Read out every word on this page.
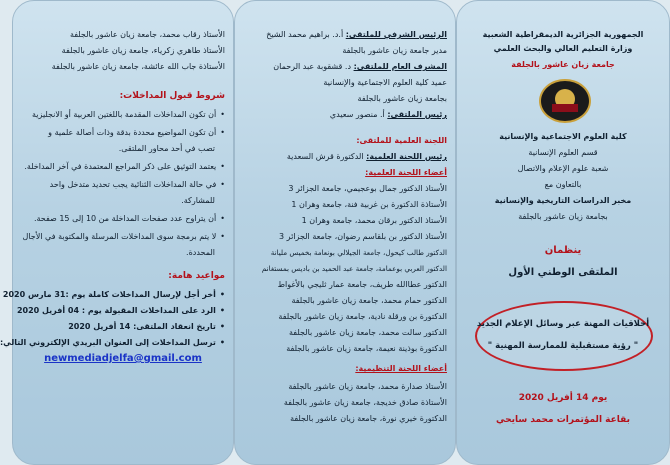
الأستاذ رقاب محمد، جامعة زيان عاشور بالجلفة
الأستاذ طاهري زكرياء، جامعة زيان عاشور بالجلفة
الأستاذة جاب الله عائشة، جامعة زيان عاشور بالجلفة
شروط قبول المداخلات:
• أن تكون المداخلات المقدمة باللغتين العربية أو الانجليزية
• أن تكون المواضيع محددة بدقة وذات أصالة علمية و
تصب في أحد محاور الملتقى.
• يعتمد التوثيق على ذكر المراجع المعتمدة في آخر المداخلة.
• في حالة المداخلات الثنائية يجب تحديد متدخل واحد
للمشاركة.
• أن يتراوح عدد صفحات المداخلة من 10 إلى 15 صفحة.
• لا يتم برمجة سوى المداخلات المرسلة والمكتوبة في الأجال
المحددة.
مواعيد هامة:
• أخر أجل لإرسال المداخلات كاملة يوم :31 مارس 2020
• الرد على المداخلات المقبولة يوم : 04 أفريل 2020
• تاريخ انعقاد الملتقى: 14 أفريل 2020
• ترسل المداخلات إلى العنوان البريدي الإلكتروني التالي:
newmediadjelfa@gmail.com
الرئيس الشرفي للملتقى: أ.د. براهيم محمد الشيخ
مدير جامعة زيان عاشور بالجلفة
المشرف العام للملتقى: د. قشقوبة عبد الرحمان
عميد كلية العلوم الاجتماعية والإنسانية
بجامعة زيان عاشور بالجلفة
رئيس الملتقى: أ. منصور سعيدي
اللجنة العلمية للملتقى:
رئيس اللجنة العلمية: الدكتورة قرش السعدية
أعضاء اللجنة العلمية:
الأستاذ الدكتور جمال بوعجيمي، جامعة الجزائر 3
الأستاذة الدكتورة بن غربية فنة، جامعة وهران 1
الأستاذ الدكتور برقان محمد، جامعة وهران 1
الأستاذ الدكتور بن بلقاسم رضوان، جامعة الجزائر 3
الدكتور طالب كيحول، جامعة الجيلالي بونعامة بخميس مليانة
الدكتور العربي بوعمامة، جامعة عبد الحميد بن باديس بمستغانم
الدكتور عطاالله طريف، جامعة عمار ثليجي بالأغواط
الدكتور حمام محمد، جامعة زيان عاشور بالجلفة
الدكتورة بن ورقلة نادية، جامعة زيان عاشور بالجلفة
الدكتور سالت محمد، جامعة زيان عاشور بالجلفة
الدكتورة بوذينة نعيمة، جامعة زيان عاشور بالجلفة
أعضاء اللجنة التنظيمية:
الأستاذ صدارة محمد، جامعة زيان عاشور بالجلفة
الأستاذة صادق خديجة، جامعة زيان عاشور بالجلفة
الدكتورة خيري نورة، جامعة زيان عاشور بالجلفة
الجمهورية الجزائرية الديمقراطية الشعبية
وزارة التعليم العالي والبحث العلمي
جامعة زيان عاشور بالجلفة
كلية العلوم الاجتماعية والإنسانية
قسم العلوم الإنسانية
شعبة علوم الإعلام والاتصال
بالتعاون مع
مخبر الدراسات التاريخية والإنسانية
بجامعة زيان عاشور بالجلفة
ينظمان
الملتقى الوطني الأول
أخلاقيات المهنة عبر وسائل الإعلام الجديد
" رؤية مستقبلية للممارسة المهنية "
يوم 14 أفريل 2020
بقاعة المؤتمرات محمد سايحي
